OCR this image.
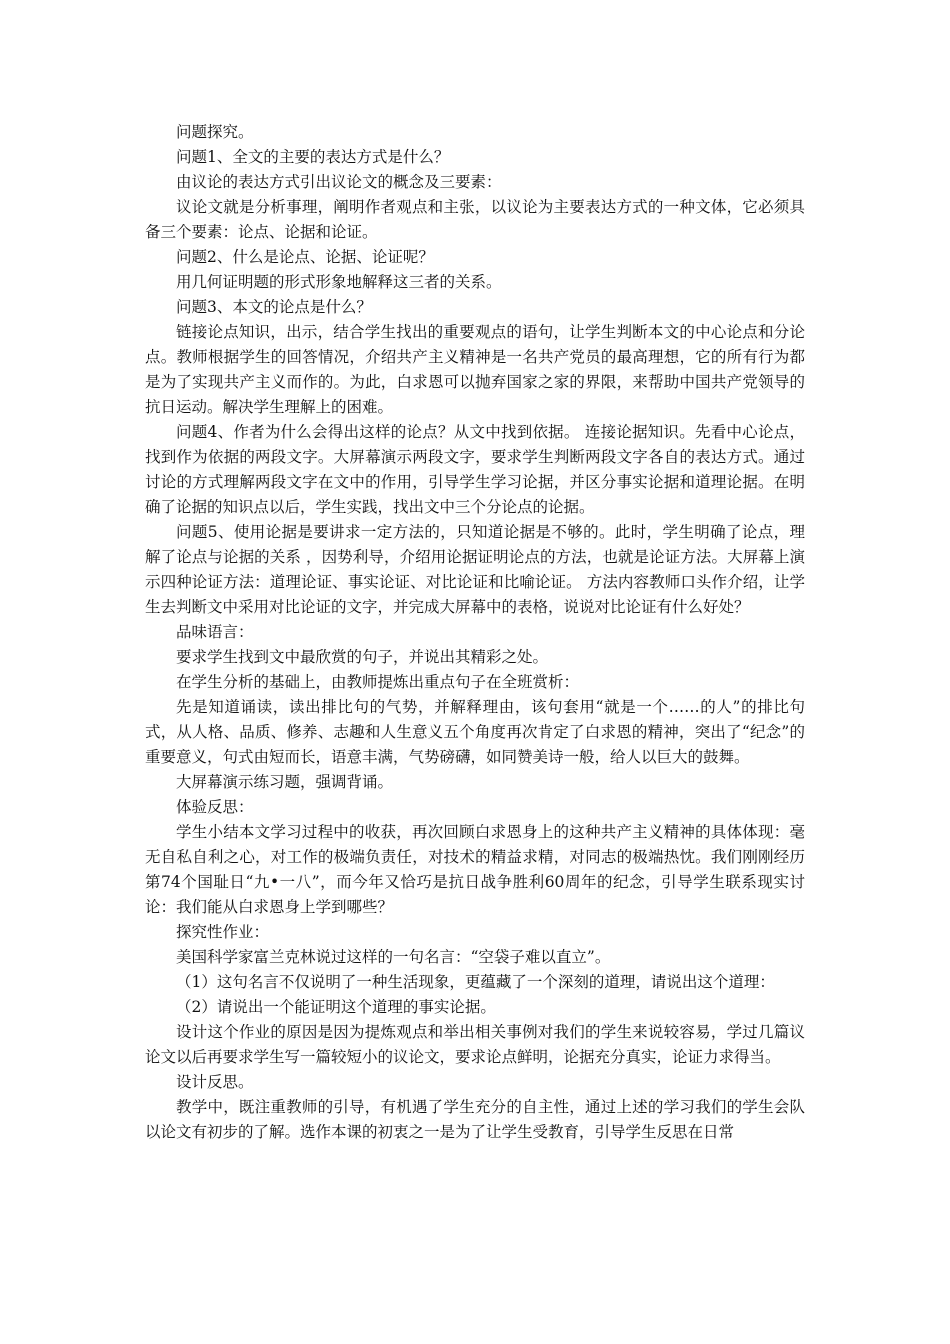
问题探究。

问题1、全文的主要的表达方式是什么？

由议论的表达方式引出议论文的概念及三要素：

议论文就是分析事理，阐明作者观点和主张，以议论为主要表达方式的一种文体，它必须具备三个要素：论点、论据和论证。

问题2、什么是论点、论据、论证呢？

用几何证明题的形式形象地解释这三者的关系。

问题3、本文的论点是什么？

链接论点知识，出示，结合学生找出的重要观点的语句，让学生判断本文的中心论点和分论点。教师根据学生的回答情况，介绍共产主义精神是一名共产党员的最高理想，它的所有行为都是为了实现共产主义而作的。为此，白求恩可以抛弃国家之家的界限，来帮助中国共产党领导的抗日运动。解决学生理解上的困难。

问题4、作者为什么会得出这样的论点？从文中找到依据。 连接论据知识。先看中心论点，找到作为依据的两段文字。大屏幕演示两段文字，要求学生判断两段文字各自的表达方式。通过讨论的方式理解两段文字在文中的作用，引导学生学习论据，并区分事实论据和道理论据。在明确了论据的知识点以后，学生实践，找出文中三个分论点的论据。

问题5、使用论据是要讲求一定方法的，只知道论据是不够的。此时，学生明确了论点，理解了论点与论据的关系 ，因势利导，介绍用论据证明论点的方法，也就是论证方法。大屏幕上演示四种论证方法：道理论证、事实论证、对比论证和比喻论证。 方法内容教师口头作介绍，让学生去判断文中采用对比论证的文字，并完成大屏幕中的表格，说说对比论证有什么好处？

品味语言：

要求学生找到文中最欣赏的句子，并说出其精彩之处。

在学生分析的基础上，由教师提炼出重点句子在全班赏析：

先是知道诵读，读出排比句的气势，并解释理由，该句套用“就是一个……的人”的排比句式，从人格、品质、修养、志趣和人生意义五个角度再次肯定了白求恩的精神，突出了“纪念”的重要意义，句式由短而长，语意丰满，气势磅礴，如同赞美诗一般，给人以巨大的鼓舞。

大屏幕演示练习题，强调背诵。

体验反思：

学生小结本文学习过程中的收获，再次回顾白求恩身上的这种共产主义精神的具体体现：毫无自私自利之心，对工作的极端负责任，对技术的精益求精，对同志的极端热忱。我们刚刚经历第74个国耻日“九•一八”，而今年又恰巧是抗日战争胜利60周年的纪念，引导学生联系现实讨论：我们能从白求恩身上学到哪些？

探究性作业：

美国科学家富兰克林说过这样的一句名言：“空袋子难以直立”。

（1）这句名言不仅说明了一种生活现象，更蕴藏了一个深刻的道理，请说出这个道理：

（2）请说出一个能证明这个道理的事实论据。

设计这个作业的原因是因为提炼观点和举出相关事例对我们的学生来说较容易，学过几篇议论文以后再要求学生写一篇较短小的议论文，要求论点鲜明，论据充分真实，论证力求得当。

设计反思。

教学中，既注重教师的引导，有机遇了学生充分的自主性，通过上述的学习我们的学生会队以论文有初步的了解。选作本课的初衷之一是为了让学生受教育，引导学生反思在日常
